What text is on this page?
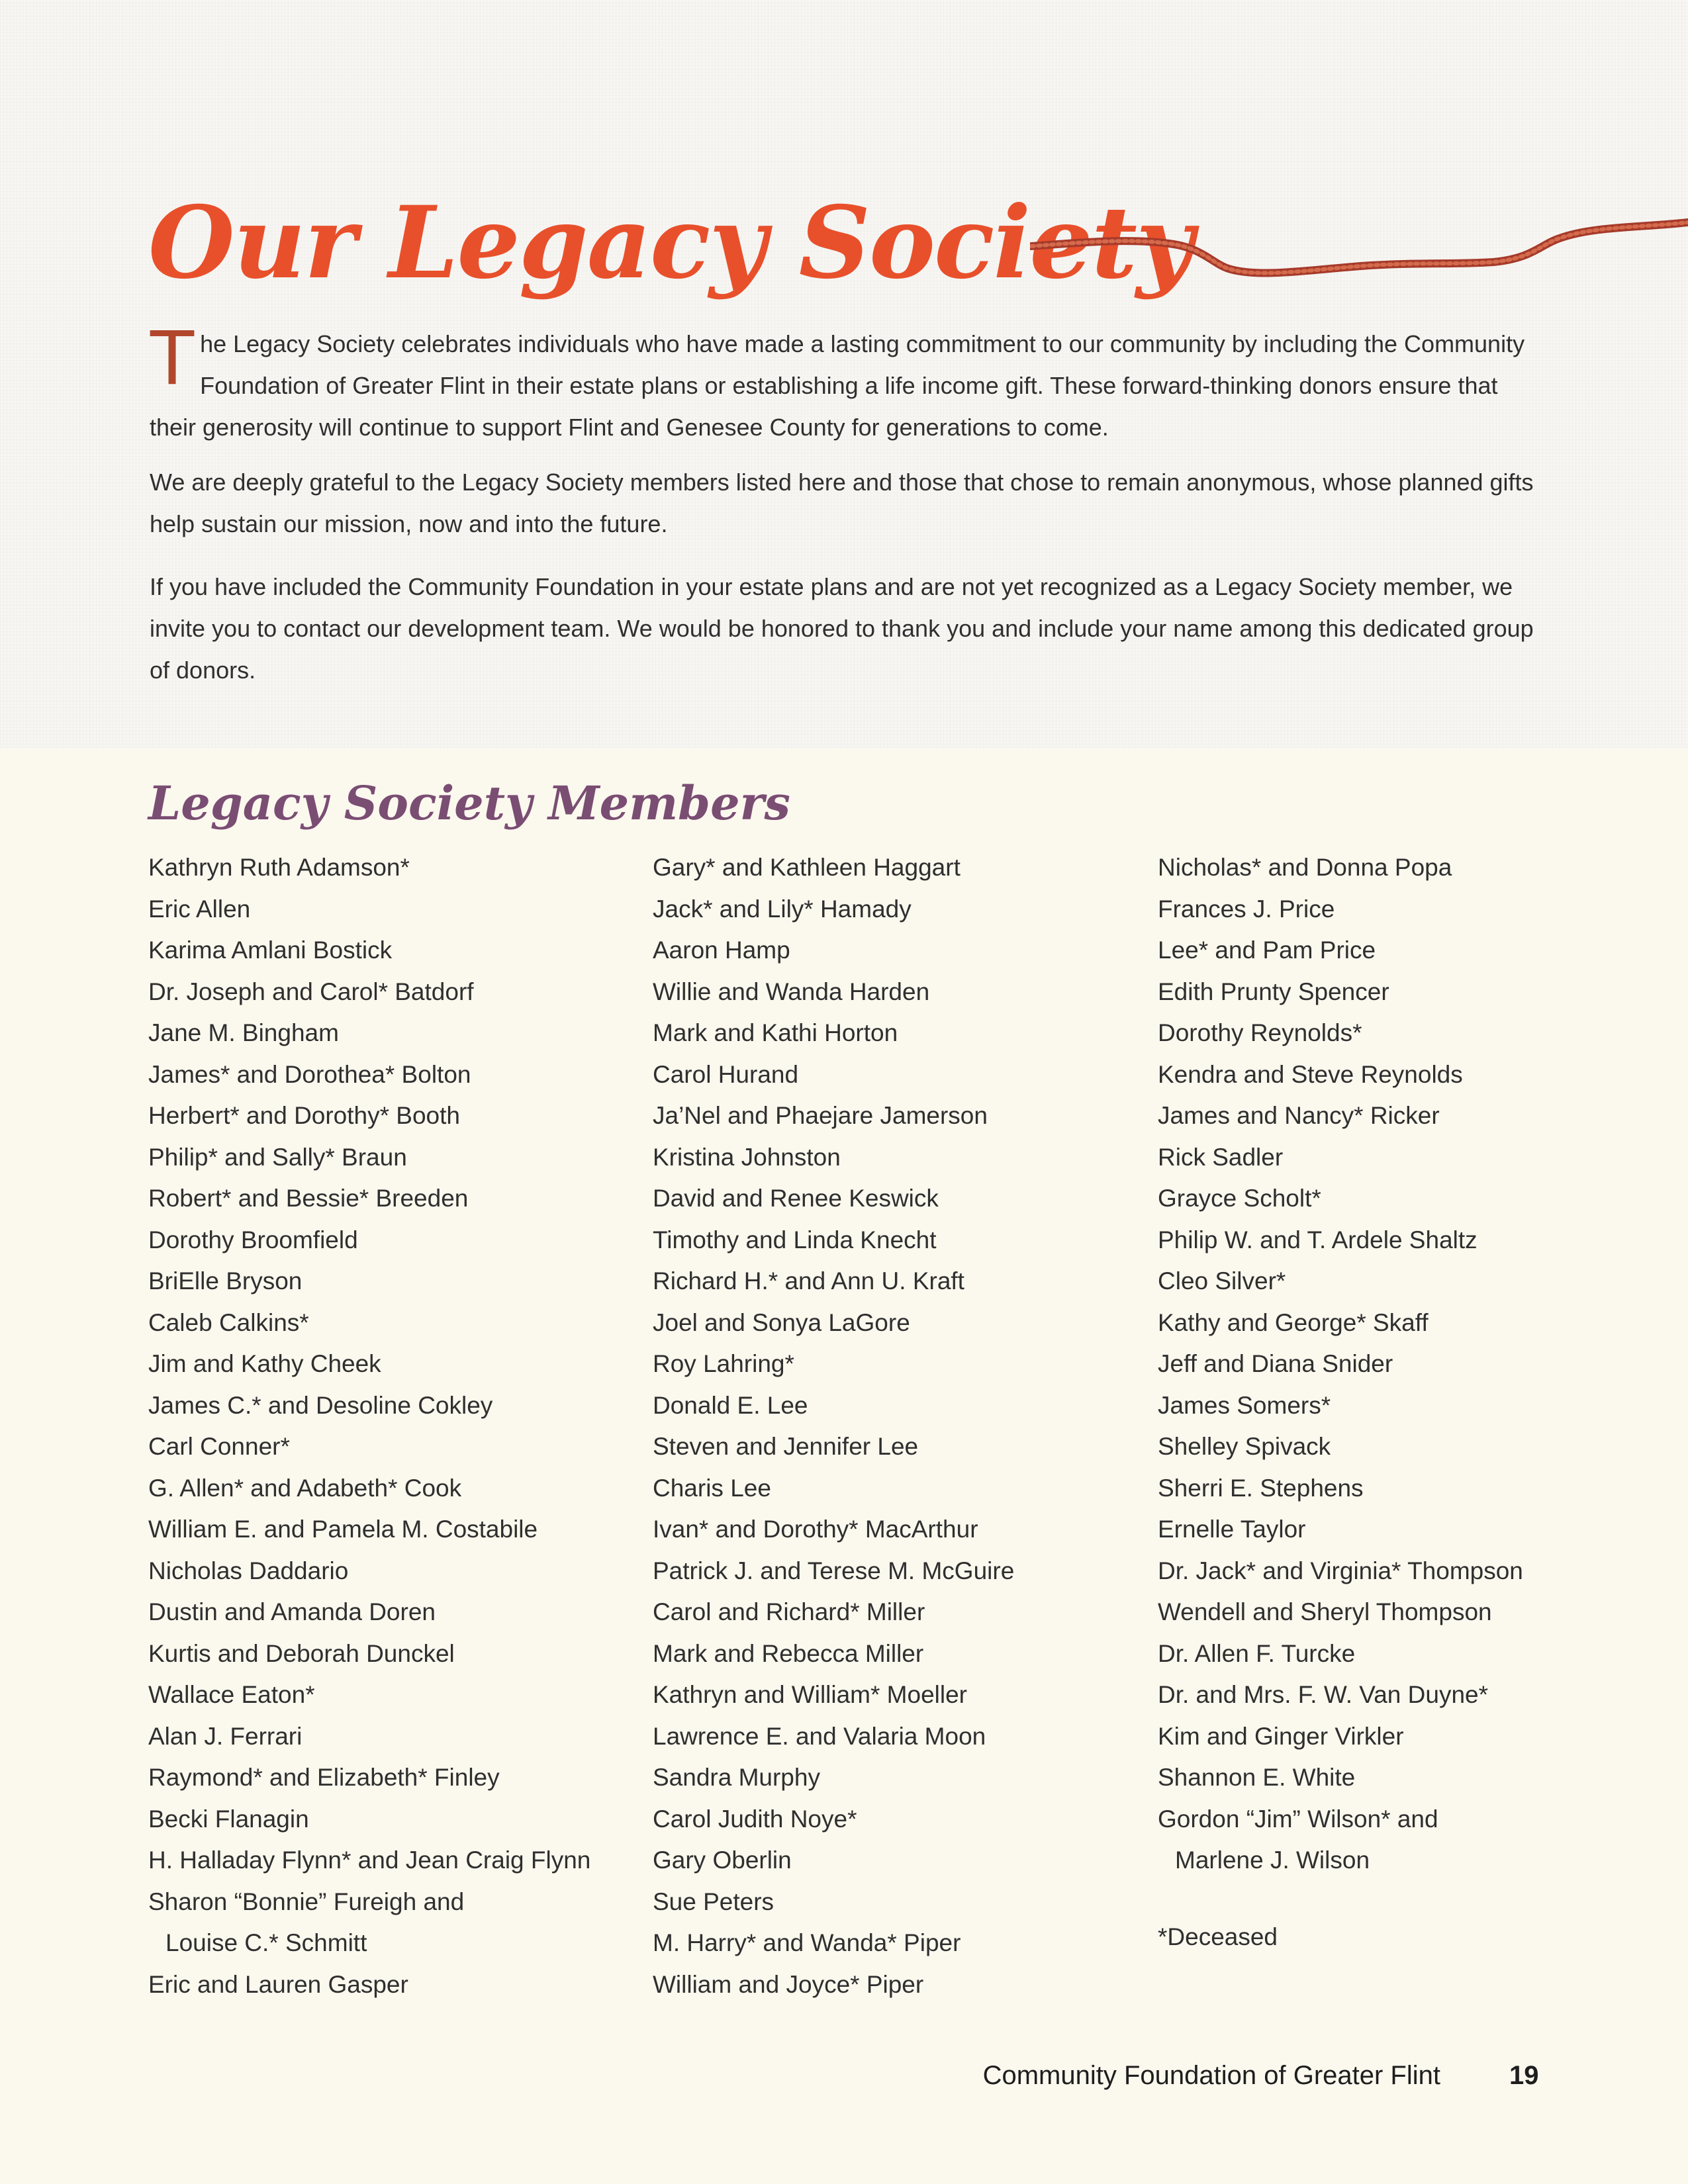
Our Legacy Society

The Legacy Society celebrates individuals who have made a lasting commitment to our community by including the Community Foundation of Greater Flint in their estate plans or establishing a life income gift. These forward-thinking donors ensure that their generosity will continue to support Flint and Genesee County for generations to come.

We are deeply grateful to the Legacy Society members listed here and those that chose to remain anonymous, whose planned gifts help sustain our mission, now and into the future.

If you have included the Community Foundation in your estate plans and are not yet recognized as a Legacy Society member, we invite you to contact our development team. We would be honored to thank you and include your name among this dedicated group of donors.

Legacy Society Members
Kathryn Ruth Adamson*
Eric Allen
Karima Amlani Bostick
Dr. Joseph and Carol* Batdorf
Jane M. Bingham
James* and Dorothea* Bolton
Herbert* and Dorothy* Booth
Philip* and Sally* Braun
Robert* and Bessie* Breeden
Dorothy Broomfield
BriElle Bryson
Caleb Calkins*
Jim and Kathy Cheek
James C.* and Desoline Cokley
Carl Conner*
G. Allen* and Adabeth* Cook
William E. and Pamela M. Costabile
Nicholas Daddario
Dustin and Amanda Doren
Kurtis and Deborah Dunckel
Wallace Eaton*
Alan J. Ferrari
Raymond* and Elizabeth* Finley
Becki Flanagin
H. Halladay Flynn* and Jean Craig Flynn
Sharon “Bonnie” Fureigh and
Louise C.* Schmitt
Eric and Lauren Gasper
Gary* and Kathleen Haggart
Jack* and Lily* Hamady
Aaron Hamp
Willie and Wanda Harden
Mark and Kathi Horton
Carol Hurand
Ja’Nel and Phaejare Jamerson
Kristina Johnston
David and Renee Keswick
Timothy and Linda Knecht
Richard H.* and Ann U. Kraft
Joel and Sonya LaGore
Roy Lahring*
Donald E. Lee
Steven and Jennifer Lee
Charis Lee
Ivan* and Dorothy* MacArthur
Patrick J. and Terese M. McGuire
Carol and Richard* Miller
Mark and Rebecca Miller
Kathryn and William* Moeller
Lawrence E. and Valaria Moon
Sandra Murphy
Carol Judith Noye*
Gary Oberlin
Sue Peters
M. Harry* and Wanda* Piper
William and Joyce* Piper
Nicholas* and Donna Popa
Frances J. Price
Lee* and Pam Price
Edith Prunty Spencer
Dorothy Reynolds*
Kendra and Steve Reynolds
James and Nancy* Ricker
Rick Sadler
Grayce Scholt*
Philip W. and T. Ardele Shaltz
Cleo Silver*
Kathy and George* Skaff
Jeff and Diana Snider
James Somers*
Shelley Spivack
Sherri E. Stephens
Ernelle Taylor
Dr. Jack* and Virginia* Thompson
Wendell and Sheryl Thompson
Dr. Allen F. Turcke
Dr. and Mrs. F. W. Van Duyne*
Kim and Ginger Virkler
Shannon E. White
Gordon “Jim” Wilson* and
Marlene J. Wilson
*Deceased
Community Foundation of Greater Flint	19
